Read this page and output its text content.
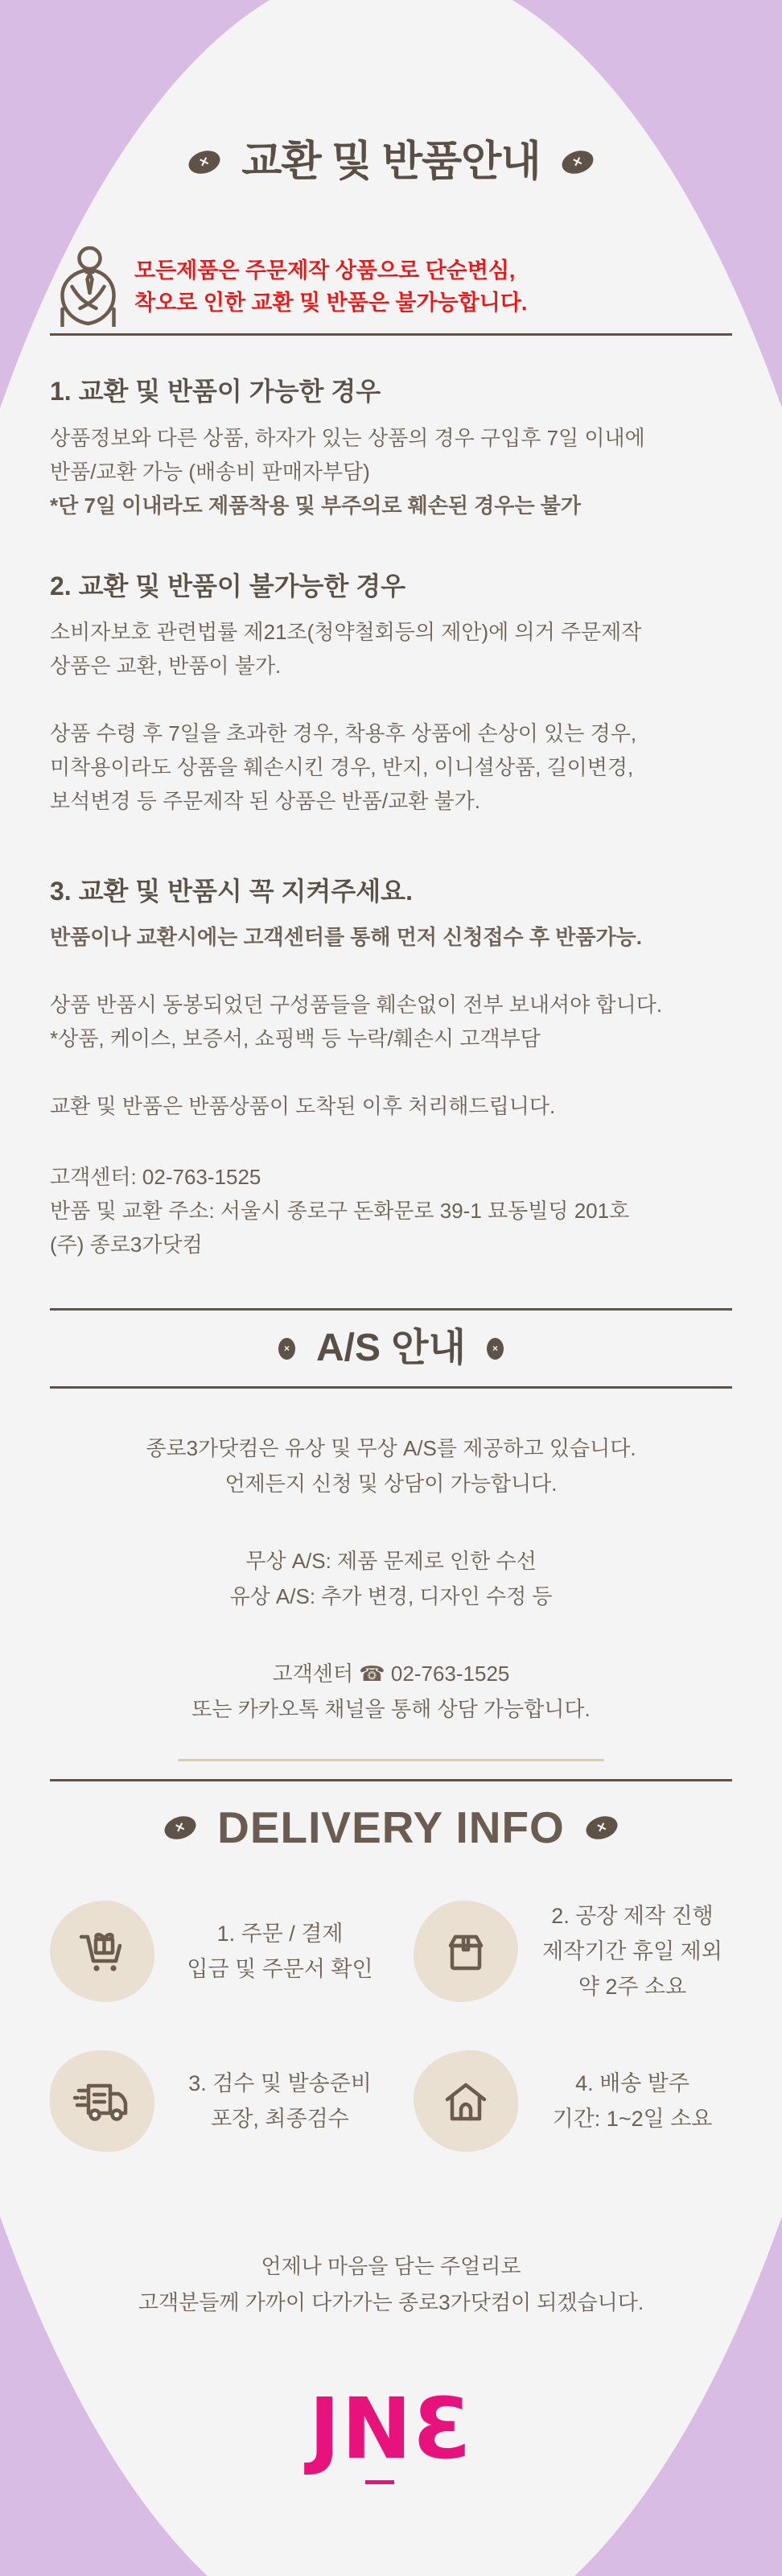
× 교환 및 반품안내	×
모든제품은 주문제작 상품으로 단순변심,
착오로 인한 교환 및 반품은 불가능합니다.
1. 교환 및 반품이 가능한 경우
상품정보와 다른 상품, 하자가 있는 상품의 경우 구입후 7일 이내에
반품/교환 가능 (배송비 판매자부담)
*단 7일 이내라도 제품착용 및 부주의로 훼손된 경우는 불가
2. 교환 및 반품이 불가능한 경우
소비자보호 관련법률 제21조(청약철회등의 제안)에 의거 주문제작
상품은 교환, 반품이 불가.
상품 수령 후 7일을 초과한 경우, 착용후 상품에 손상이 있는 경우,
미착용이라도 상품을 훼손시킨 경우, 반지, 이니셜상품, 길이변경,
보석변경 등 주문제작 된 상품은 반품/교환 불가.
3. 교환 및 반품시 꼭 지켜주세요.
반품이나 교환시에는 고객센터를 통해 먼저 신청접수 후 반품가능.
상품 반품시 동봉되었던 구성품들을 훼손없이 전부 보내셔야 합니다.
*상품, 케이스, 보증서, 쇼핑백 등 누락/훼손시 고객부담
교환 및 반품은 반품상품이 도착된 이후 처리해드립니다.
고객센터: 02-763-1525
반품 및 교환 주소: 서울시 종로구 돈화문로 39-1 묘동빌딩 201호
(주) 종로3가닷컴
× A/S 안내	×
종로3가닷컴은 유상 및 무상 A/S를 제공하고 있습니다.
언제든지 신청 및 상담이 가능합니다.
무상 A/S: 제품 문제로 인한 수선
유상 A/S: 추가 변경, 디자인 수정 등
고객센터 ☎ 02-763-1525
또는 카카오톡 채널을 통해 상담 가능합니다.
× DELIVERY INFO	×
1. 주문 / 결제
입금 및 주문서 확인
2. 공장 제작 진행
제작기간 휴일 제외
약 2주 소요
3. 검수 및 발송준비
포장, 최종검수
4. 배송 발주
기간: 1~2일 소요
언제나 마음을 담는 주얼리로
고객분들께 가까이 다가가는 종로3가닷컴이 되겠습니다.
JNƐ
